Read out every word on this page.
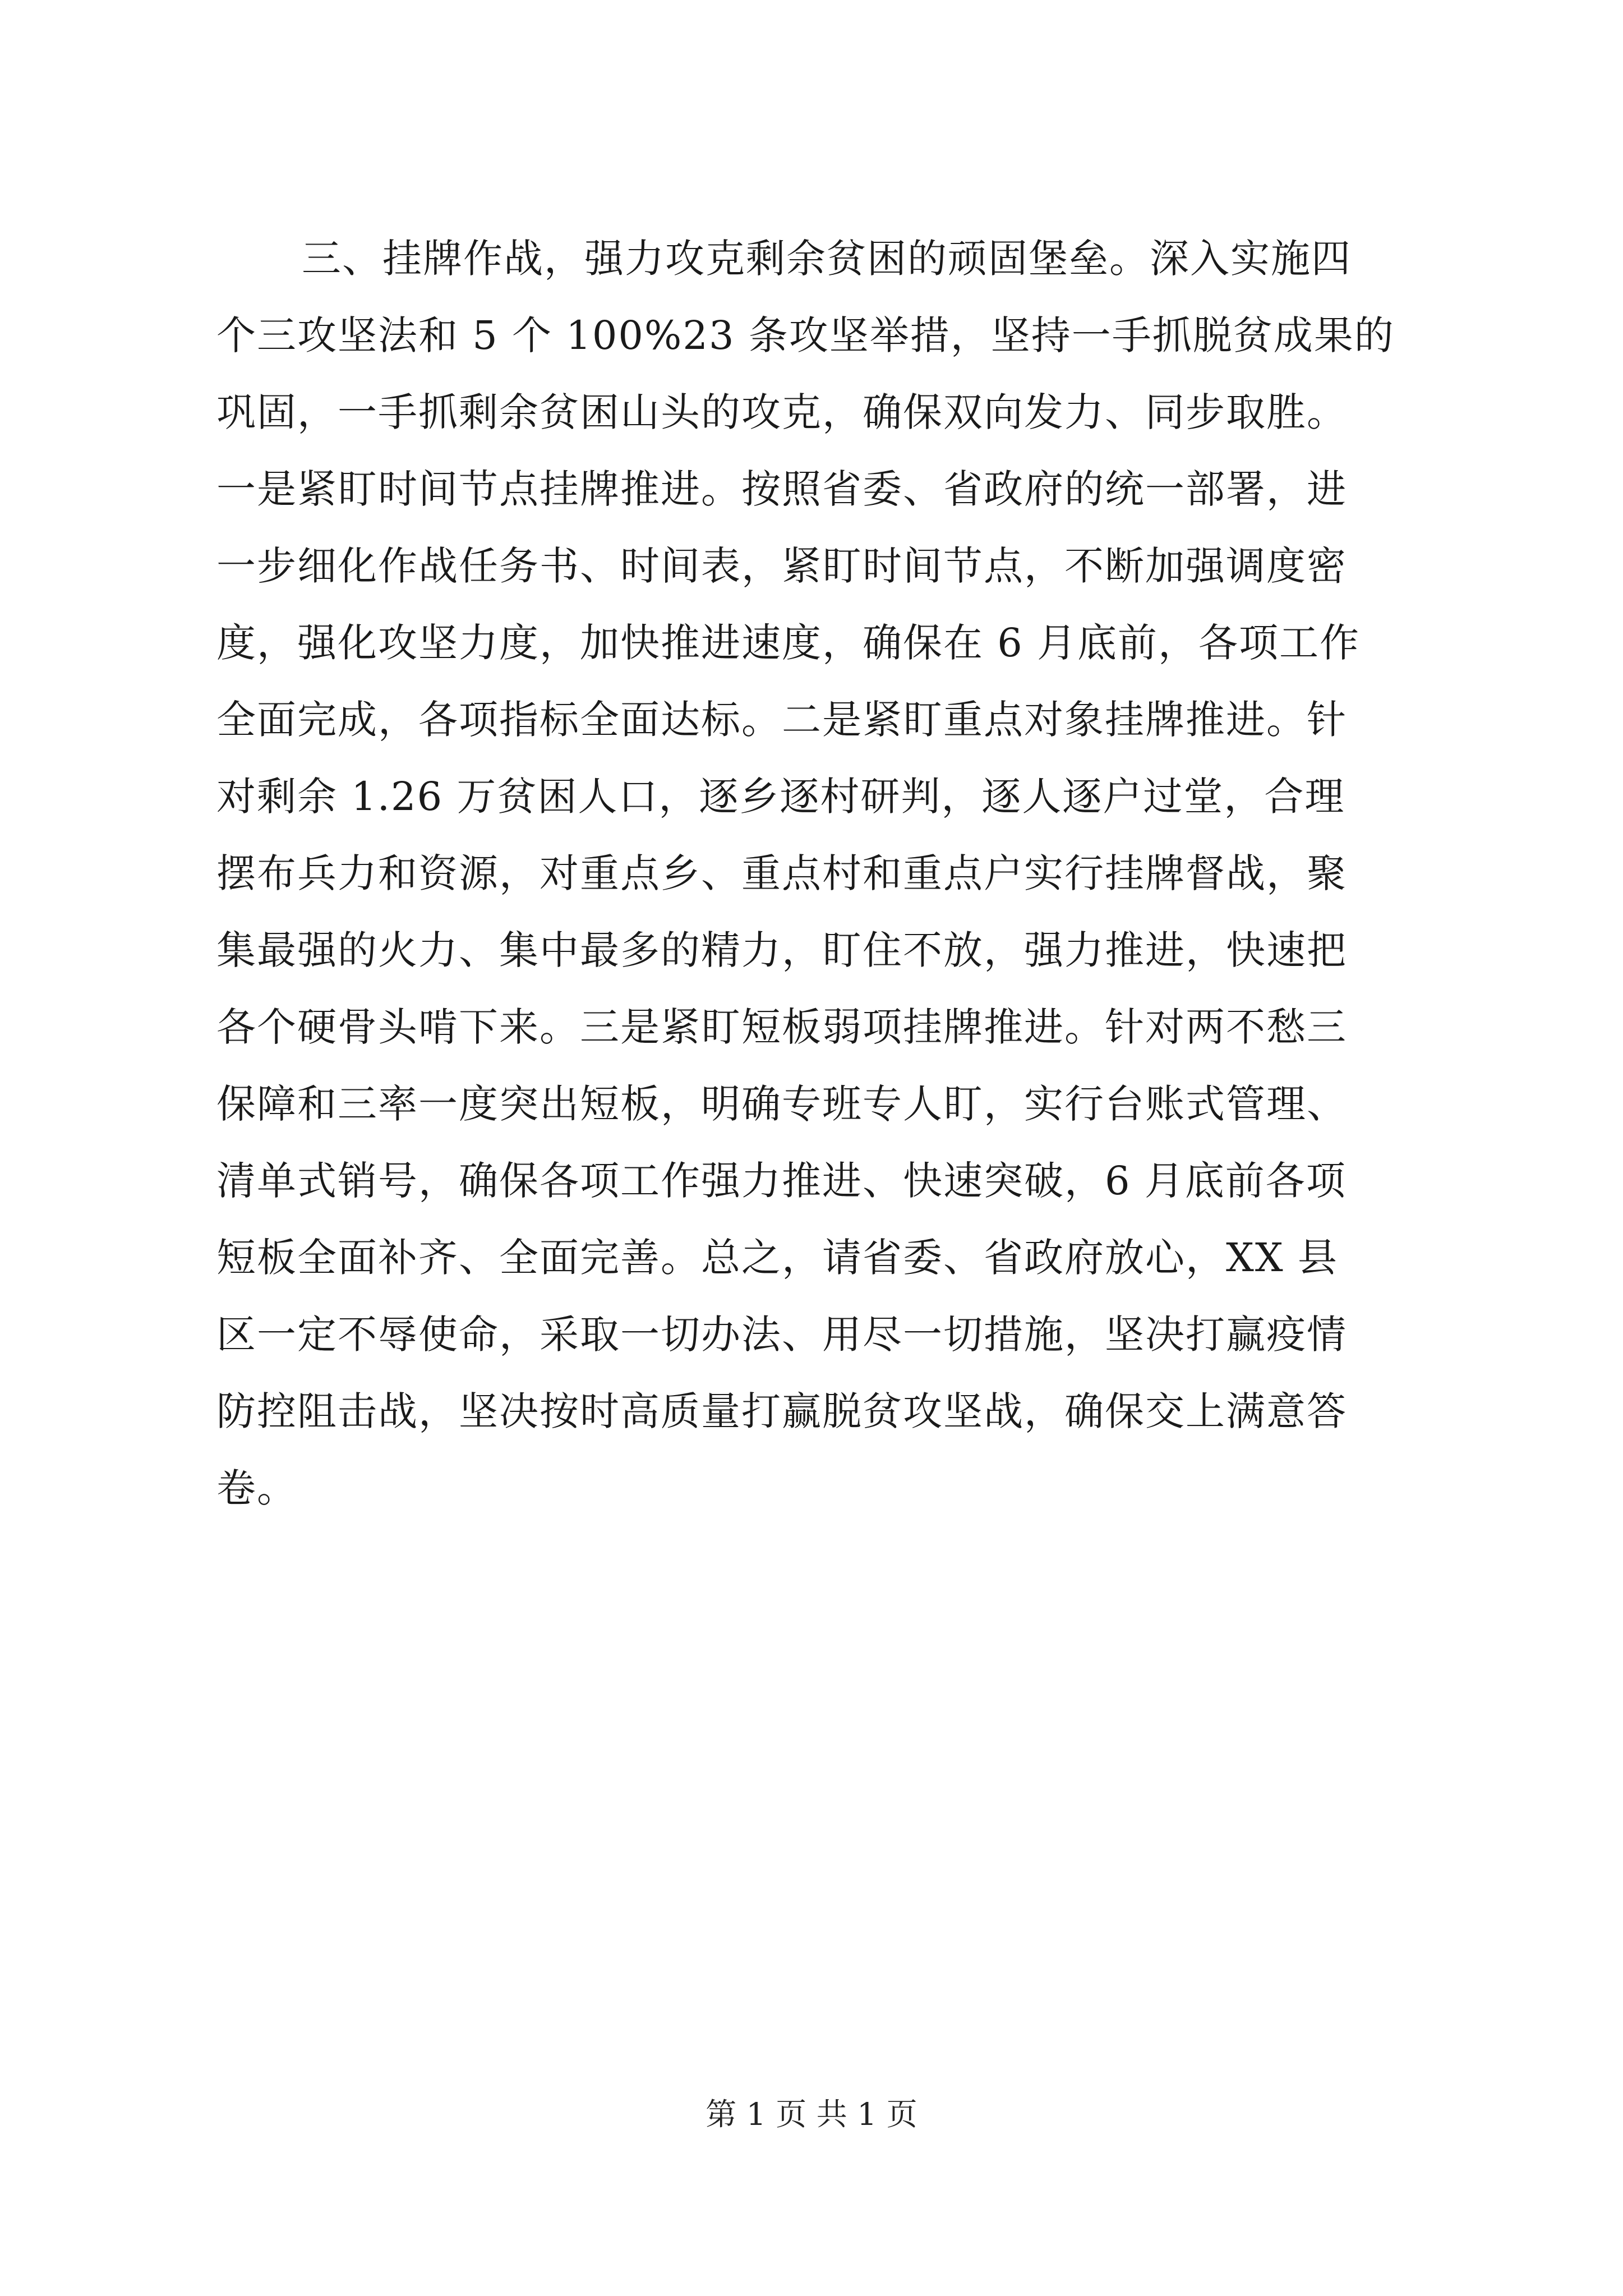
三、挂牌作战，强力攻克剩余贫困的顽固堡垒。深入实施四
个三攻坚法和 5 个 100%23 条攻坚举措，坚持一手抓脱贫成果的
巩固，一手抓剩余贫困山头的攻克，确保双向发力、同步取胜。
一是紧盯时间节点挂牌推进。按照省委、省政府的统一部署，进
一步细化作战任务书、时间表，紧盯时间节点，不断加强调度密
度，强化攻坚力度，加快推进速度，确保在 6 月底前，各项工作
全面完成，各项指标全面达标。二是紧盯重点对象挂牌推进。针
对剩余 1.26 万贫困人口，逐乡逐村研判，逐人逐户过堂，合理
摆布兵力和资源，对重点乡、重点村和重点户实行挂牌督战，聚
集最强的火力、集中最多的精力，盯住不放，强力推进，快速把
各个硬骨头啃下来。三是紧盯短板弱项挂牌推进。针对两不愁三
保障和三率一度突出短板，明确专班专人盯，实行台账式管理、
清单式销号，确保各项工作强力推进、快速突破，6 月底前各项
短板全面补齐、全面完善。总之，请省委、省政府放心，XX 县
区一定不辱使命，采取一切办法、用尽一切措施，坚决打赢疫情
防控阻击战，坚决按时高质量打赢脱贫攻坚战，确保交上满意答
卷。
第 1 页 共 1 页
